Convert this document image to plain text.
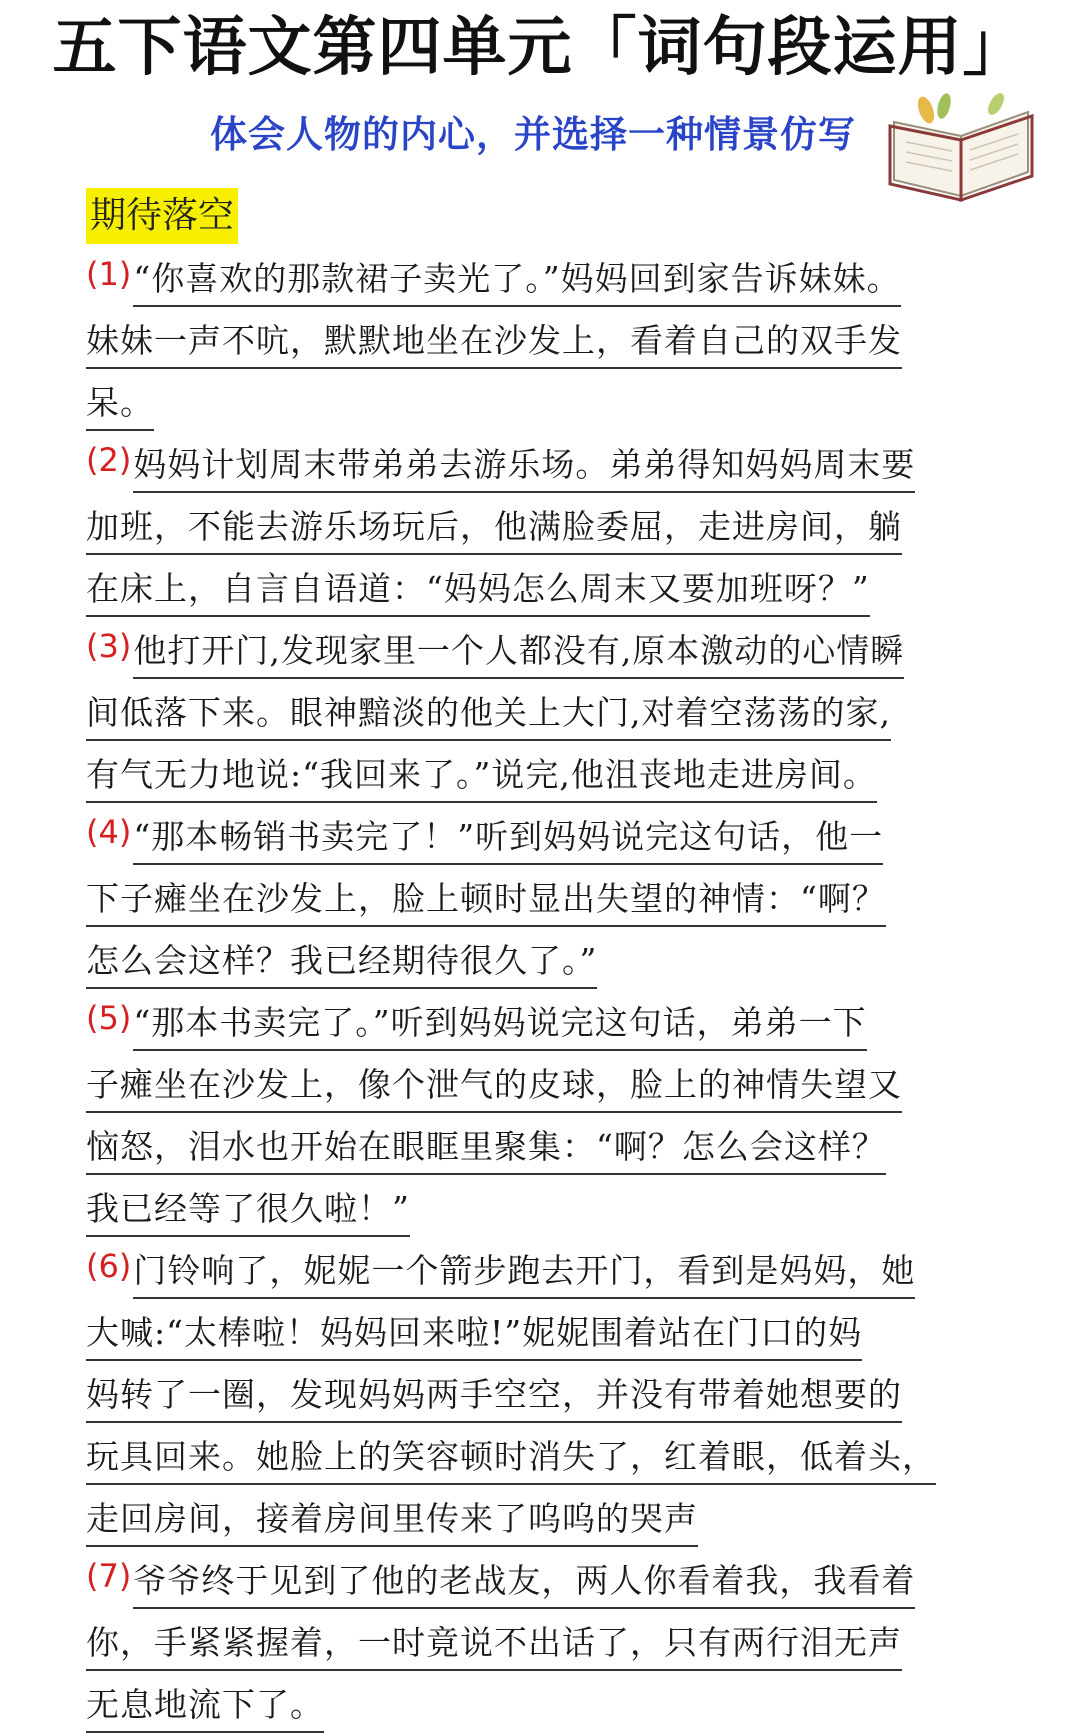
五下语文第四单元「词句段运用」
体会人物的内心，并选择一种情景仿写
期待落空
(1) “你喜欢的那款裙子卖光了。”妈妈回到家告诉妹妹。
妹妹一声不吭，默默地坐在沙发上，看着自己的双手发
呆。
(2) 妈妈计划周末带弟弟去游乐场。弟弟得知妈妈周末要
加班，不能去游乐场玩后，他满脸委屈，走进房间，躺
在床上，自言自语道：“妈妈怎么周末又要加班呀？”
(3) 他打开门,发现家里一个人都没有,原本激动的心情瞬
间低落下来。眼神黯淡的他关上大门,对着空荡荡的家,
有气无力地说:“我回来了。”说完,他沮丧地走进房间。
(4) “那本畅销书卖完了！”听到妈妈说完这句话，他一
下子瘫坐在沙发上，脸上顿时显出失望的神情：“啊？
怎么会这样？我已经期待很久了。”
(5) “那本书卖完了。”听到妈妈说完这句话，弟弟一下
子瘫坐在沙发上，像个泄气的皮球，脸上的神情失望又
恼怒，泪水也开始在眼眶里聚集：“啊？怎么会这样？
我已经等了很久啦！”
(6) 门铃响了，妮妮一个箭步跑去开门，看到是妈妈，她
大喊:“太棒啦！妈妈回来啦!”妮妮围着站在门口的妈
妈转了一圈，发现妈妈两手空空，并没有带着她想要的
玩具回来。她脸上的笑容顿时消失了，红着眼，低着头，
走回房间，接着房间里传来了呜呜的哭声
(7) 爷爷终于见到了他的老战友，两人你看着我，我看着
你，手紧紧握着，一时竟说不出话了，只有两行泪无声
无息地流下了。
